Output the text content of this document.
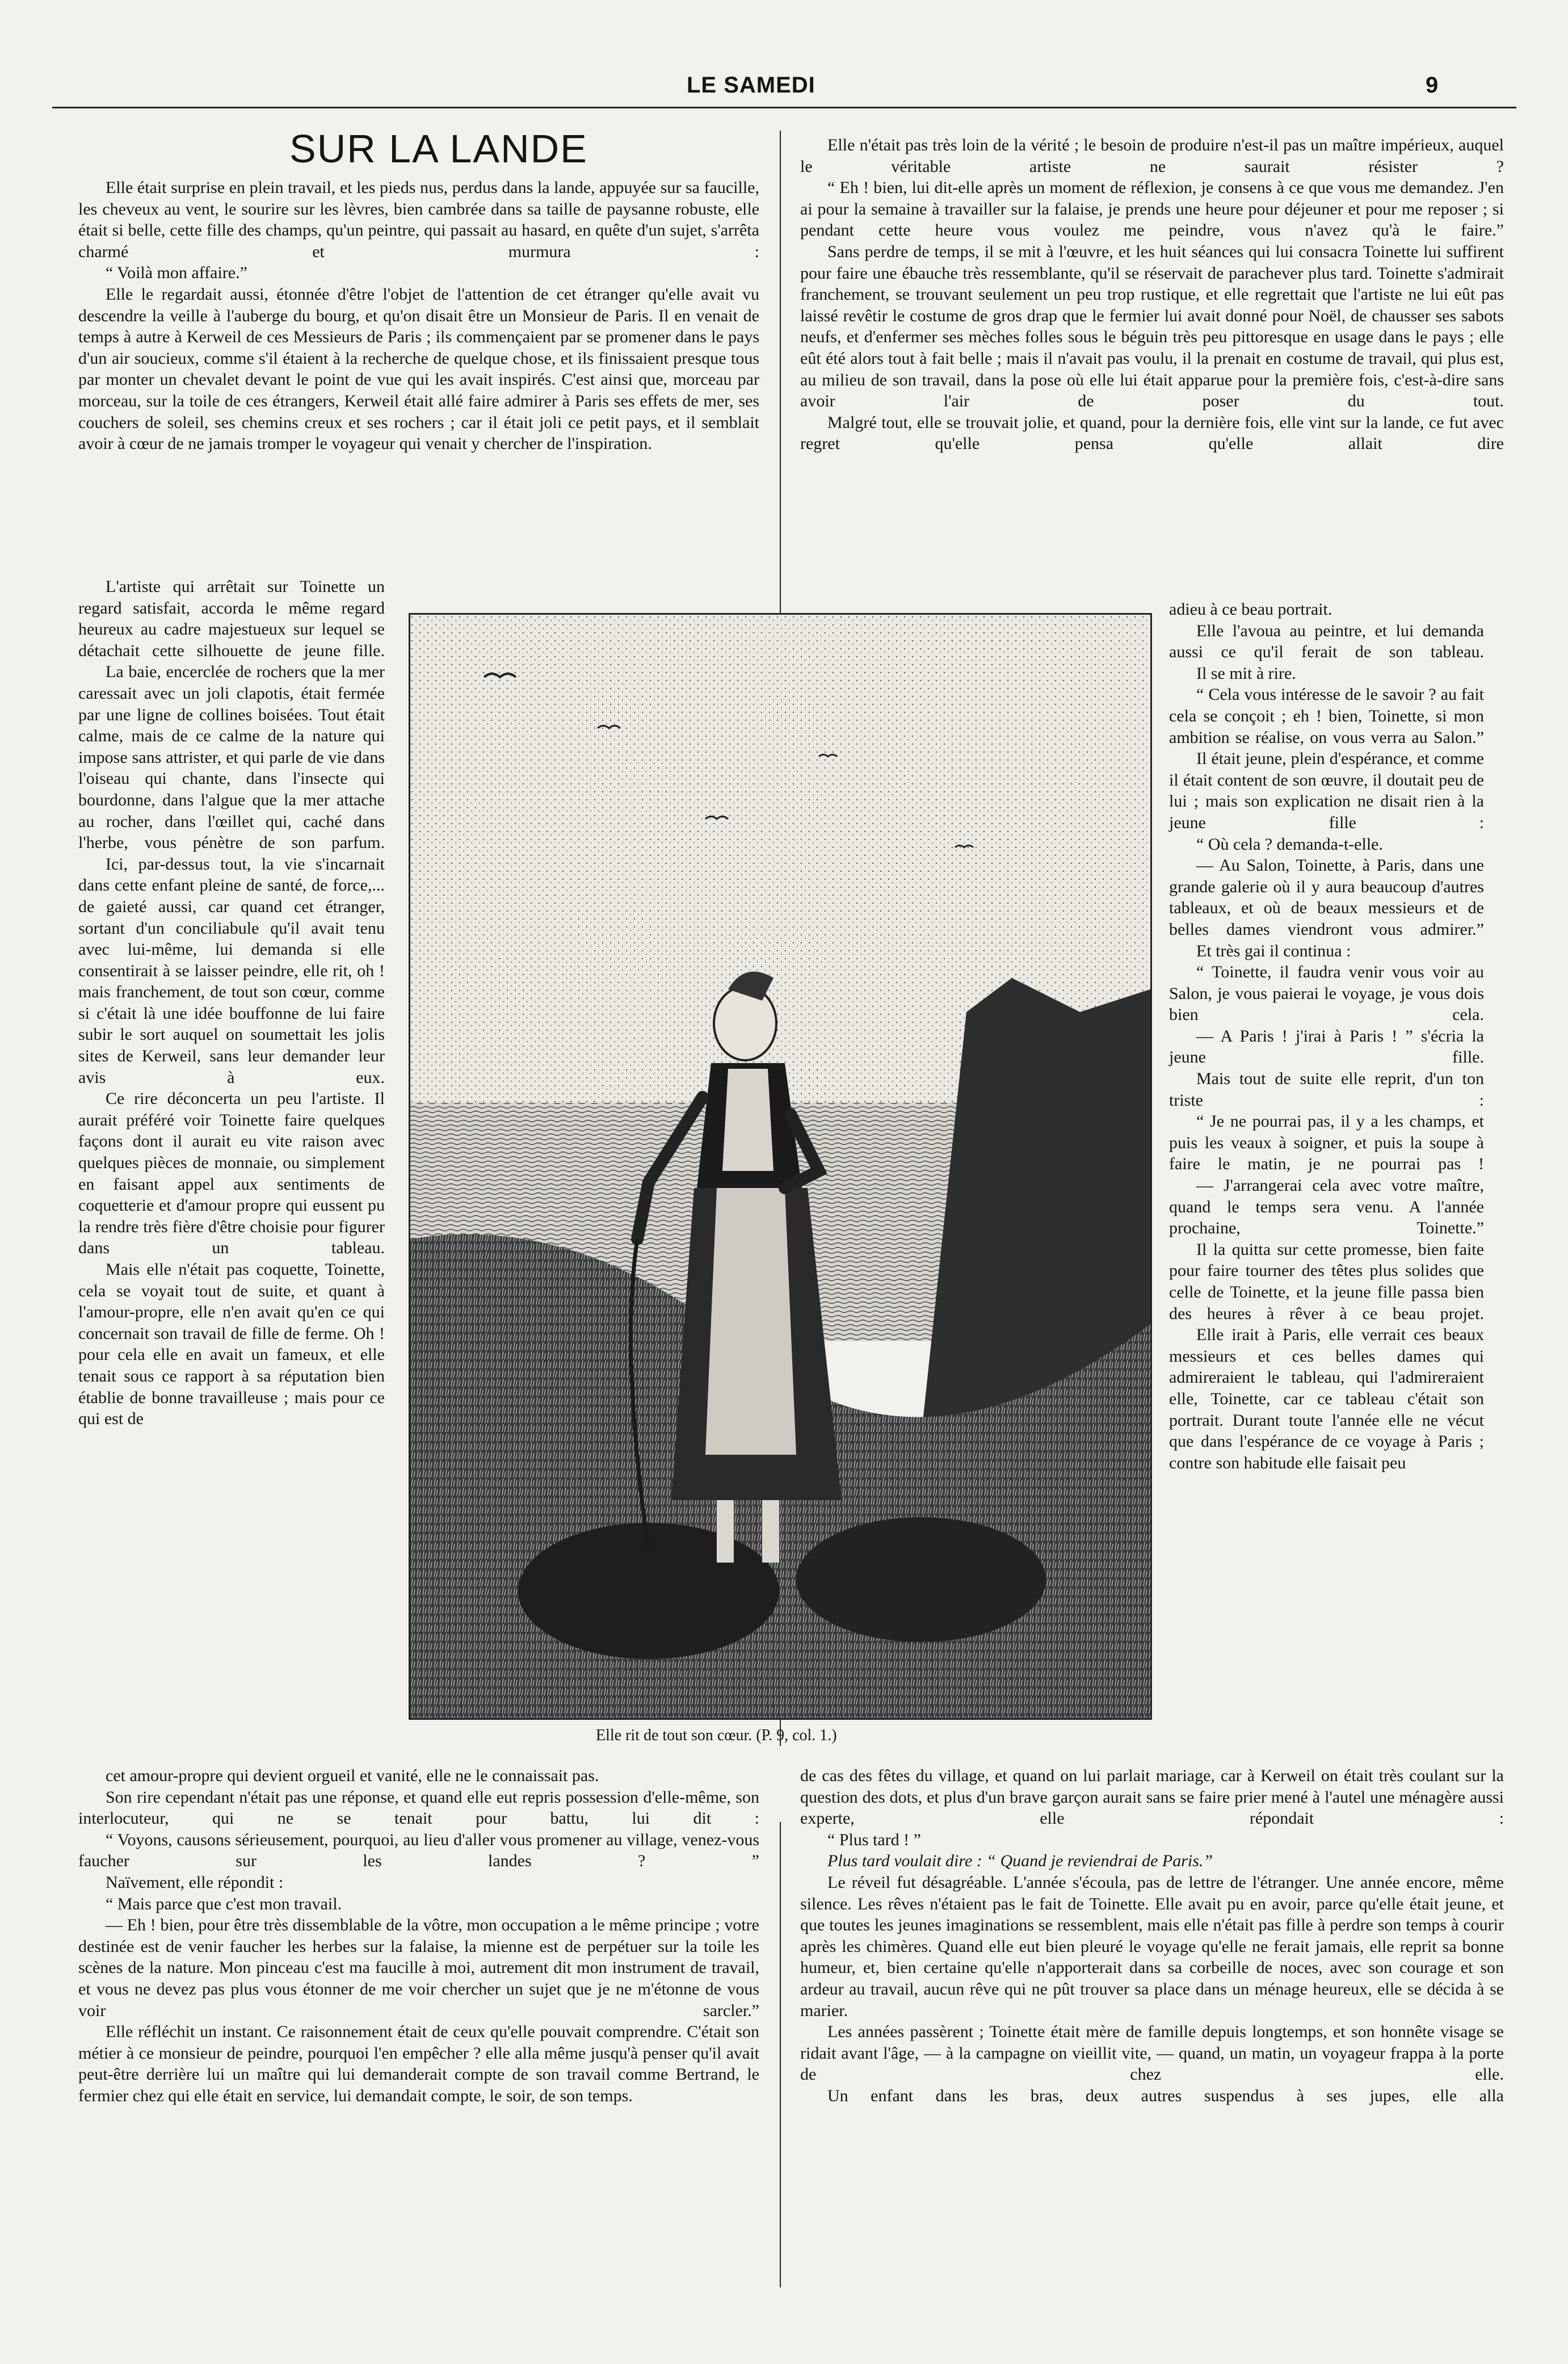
LE SAMEDI	9
SUR LA LANDE

Elle était surprise en plein travail, et les pieds nus, perdus dans la lande, appuyée sur sa faucille, les cheveux au vent, le sourire sur les lèvres, bien cambrée dans sa taille de paysanne robuste, elle était si belle, cette fille des champs, qu'un peintre, qui passait au hasard, en quête d'un sujet, s'arrêta charmé et murmura :

“ Voilà mon affaire.”

Elle le regardait aussi, étonnée d'être l'objet de l'attention de cet étranger qu'elle avait vu descendre la veille à l'auberge du bourg, et qu'on disait être un Monsieur de Paris. Il en venait de temps à autre à Kerweil de ces Messieurs de Paris ; ils commençaient par se promener dans le pays d'un air soucieux, comme s'il étaient à la recherche de quelque chose, et ils finissaient presque tous par monter un chevalet devant le point de vue qui les avait inspirés. C'est ainsi que, morceau par morceau, sur la toile de ces étrangers, Kerweil était allé faire admirer à Paris ses effets de mer, ses couchers de soleil, ses chemins creux et ses rochers ; car il était joli ce petit pays, et il semblait avoir à cœur de ne jamais tromper le voyageur qui venait y chercher de l'inspiration.

L'artiste qui arrêtait sur Toinette un regard satisfait, accorda le même regard heureux au cadre majestueux sur lequel se détachait cette silhouette de jeune fille.

La baie, encerclée de rochers que la mer caressait avec un joli clapotis, était fermée par une ligne de collines boisées. Tout était calme, mais de ce calme de la nature qui impose sans attrister, et qui parle de vie dans l'oiseau qui chante, dans l'insecte qui bourdonne, dans l'algue que la mer attache au rocher, dans l'œillet qui, caché dans l'herbe, vous pénètre de son parfum.

Ici, par-dessus tout, la vie s'incarnait dans cette enfant pleine de santé, de force,... de gaieté aussi, car quand cet étranger, sortant d'un conciliabule qu'il avait tenu avec lui-même, lui demanda si elle consentirait à se laisser peindre, elle rit, oh ! mais franchement, de tout son cœur, comme si c'était là une idée bouffonne de lui faire subir le sort auquel on soumettait les jolis sites de Kerweil, sans leur demander leur avis à eux.

Ce rire déconcerta un peu l'artiste. Il aurait préféré voir Toinette faire quelques façons dont il aurait eu vite raison avec quelques pièces de monnaie, ou simplement en faisant appel aux sentiments de coquetterie et d'amour propre qui eussent pu la rendre très fière d'être choisie pour figurer dans un tableau.

Mais elle n'était pas coquette, Toinette, cela se voyait tout de suite, et quant à l'amour-propre, elle n'en avait qu'en ce qui concernait son travail de fille de ferme. Oh ! pour cela elle en avait un fameux, et elle tenait sous ce rapport à sa réputation bien établie de bonne travailleuse ; mais pour ce qui est de

cet amour-propre qui devient orgueil et vanité, elle ne le connaissait pas.

Son rire cependant n'était pas une réponse, et quand elle eut repris possession d'elle-même, son interlocuteur, qui ne se tenait pour battu, lui dit :

“ Voyons, causons sérieusement, pourquoi, au lieu d'aller vous promener au village, venez-vous faucher sur les landes ? ”

Naïvement, elle répondit :

“ Mais parce que c'est mon travail.

— Eh ! bien, pour être très dissemblable de la vôtre, mon occupation a le même principe ; votre destinée est de venir faucher les herbes sur la falaise, la mienne est de perpétuer sur la toile les scènes de la nature. Mon pinceau c'est ma faucille à moi, autrement dit mon instrument de travail, et vous ne devez pas plus vous étonner de me voir chercher un sujet que je ne m'étonne de vous voir sarcler.”

Elle réfléchit un instant. Ce raisonnement était de ceux qu'elle pouvait comprendre. C'était son métier à ce monsieur de peindre, pourquoi l'en empêcher ? elle alla même jusqu'à penser qu'il avait peut-être derrière lui un maître qui lui demanderait compte de son travail comme Bertrand, le fermier chez qui elle était en service, lui demandait compte, le soir, de son temps.

Elle n'était pas très loin de la vérité ; le besoin de produire n'est-il pas un maître impérieux, auquel le véritable artiste ne saurait résister ?

“ Eh ! bien, lui dit-elle après un moment de réflexion, je consens à ce que vous me demandez. J'en ai pour la semaine à travailler sur la falaise, je prends une heure pour déjeuner et pour me reposer ; si pendant cette heure vous voulez me peindre, vous n'avez qu'à le faire.”

Sans perdre de temps, il se mit à l'œuvre, et les huit séances qui lui consacra Toinette lui suffirent pour faire une ébauche très ressemblante, qu'il se réservait de parachever plus tard. Toinette s'admirait franchement, se trouvant seulement un peu trop rustique, et elle regrettait que l'artiste ne lui eût pas laissé revêtir le costume de gros drap que le fermier lui avait donné pour Noël, de chausser ses sabots neufs, et d'enfermer ses mèches folles sous le béguin très peu pittoresque en usage dans le pays ; elle eût été alors tout à fait belle ; mais il n'avait pas voulu, il la prenait en costume de travail, qui plus est, au milieu de son travail, dans la pose où elle lui était apparue pour la première fois, c'est-à-dire sans avoir l'air de poser du tout.

Malgré tout, elle se trouvait jolie, et quand, pour la dernière fois, elle vint sur la lande, ce fut avec regret qu'elle pensa qu'elle allait dire

adieu à ce beau portrait.

Elle l'avoua au peintre, et lui demanda aussi ce qu'il ferait de son tableau.

Il se mit à rire.

“ Cela vous intéresse de le savoir ? au fait cela se conçoit ; eh ! bien, Toinette, si mon ambition se réalise, on vous verra au Salon.”

Il était jeune, plein d'espérance, et comme il était content de son œuvre, il doutait peu de lui ; mais son explication ne disait rien à la jeune fille :

“ Où cela ? demanda-t-elle.

— Au Salon, Toinette, à Paris, dans une grande galerie où il y aura beaucoup d'autres tableaux, et où de beaux messieurs et de belles dames viendront vous admirer.”

Et très gai il continua :

“ Toinette, il faudra venir vous voir au Salon, je vous paierai le voyage, je vous dois bien cela.

— A Paris ! j'irai à Paris ! ” s'écria la jeune fille.

Mais tout de suite elle reprit, d'un ton triste :

“ Je ne pourrai pas, il y a les champs, et puis les veaux à soigner, et puis la soupe à faire le matin, je ne pourrai pas !

— J'arrangerai cela avec votre maître, quand le temps sera venu. A l'année prochaine, Toinette.”

Il la quitta sur cette promesse, bien faite pour faire tourner des têtes plus solides que celle de Toinette, et la jeune fille passa bien des heures à rêver à ce beau projet.

Elle irait à Paris, elle verrait ces beaux messieurs et ces belles dames qui admireraient le tableau, qui l'admireraient elle, Toinette, car ce tableau c'était son portrait. Durant toute l'année elle ne vécut que dans l'espérance de ce voyage à Paris ; contre son habitude elle faisait peu

de cas des fêtes du village, et quand on lui parlait mariage, car à Kerweil on était très coulant sur la question des dots, et plus d'un brave garçon aurait sans se faire prier mené à l'autel une ménagère aussi experte, elle répondait :

“ Plus tard ! ”

Plus tard voulait dire : “ Quand je reviendrai de Paris.”

Le réveil fut désagréable. L'année s'écoula, pas de lettre de l'étranger. Une année encore, même silence. Les rêves n'étaient pas le fait de Toinette. Elle avait pu en avoir, parce qu'elle était jeune, et que toutes les jeunes imaginations se ressemblent, mais elle n'était pas fille à perdre son temps à courir après les chimères. Quand elle eut bien pleuré le voyage qu'elle ne ferait jamais, elle reprit sa bonne humeur, et, bien certaine qu'elle n'apporterait dans sa corbeille de noces, avec son courage et son ardeur au travail, aucun rêve qui ne pût trouver sa place dans un ménage heureux, elle se décida à se marier.

Les années passèrent ; Toinette était mère de famille depuis longtemps, et son honnête visage se ridait avant l'âge, — à la campagne on vieillit vite, — quand, un matin, un voyageur frappa à la porte de chez elle.

Un enfant dans les bras, deux autres suspendus à ses jupes, elle alla

Elle rit de tout son cœur. (P. 9, col. 1.)
